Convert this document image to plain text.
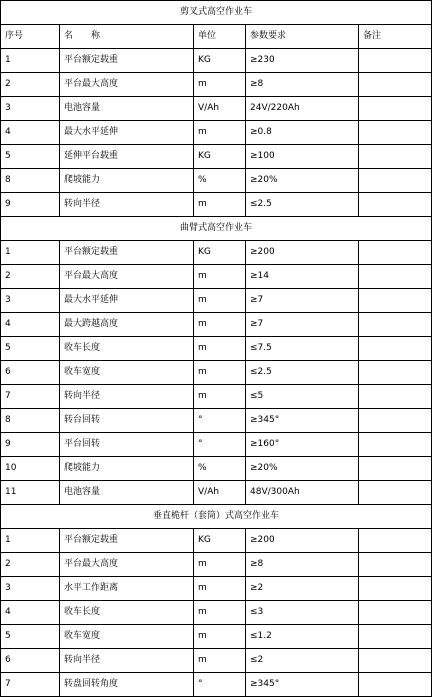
剪叉式高空作业车				
序号	名　　称	单位	参数要求	备注
1	平台额定载重	KG	≥230	
2	平台最大高度	m	≥8	
3	电池容量	V/Ah	24V/220Ah	
4	最大水平延伸	m	≥0.8	
5	延伸平台载重	KG	≥100	
8	爬坡能力	%	≥20%	
9	转向半径	m	≤2.5	
曲臂式高空作业车				
1	平台额定载重	KG	≥200	
2	平台最大高度	m	≥14	
3	最大水平延伸	m	≥7	
4	最大跨越高度	m	≥7	
5	收车长度	m	≤7.5	
6	收车宽度	m	≤2.5	
7	转向半径	m	≤5	
8	转台回转	°	≥345°	
9	平台回转	°	≥160°	
10	爬坡能力	%	≥20%	
11	电池容量	V/Ah	48V/300Ah	
垂直桅杆（套筒）式高空作业车				
1	平台额定载重	KG	≥200	
2	平台最大高度	m	≥8	
3	水平工作距离	m	≥2	
4	收车长度	m	≤3	
5	收车宽度	m	≤1.2	
6	转向半径	m	≤2	
7	转盘回转角度	°	≥345°	
